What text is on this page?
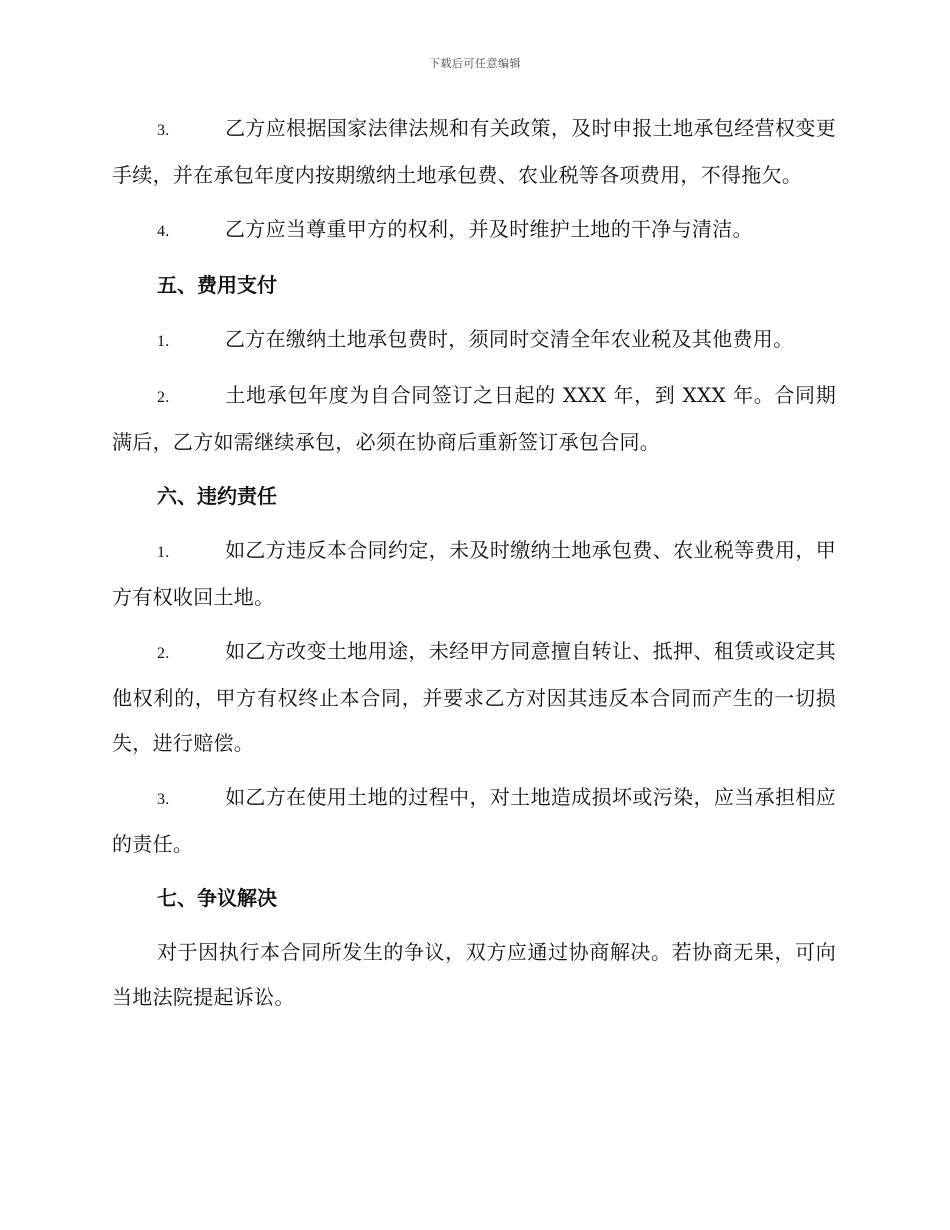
下载后可任意编辑

3.	乙方应根据国家法律法规和有关政策，及时申报土地承包经营权变更手续，并在承包年度内按期缴纳土地承包费、农业税等各项费用，不得拖欠。

4.	乙方应当尊重甲方的权利，并及时维护土地的干净与清洁。

五、费用支付

1.	乙方在缴纳土地承包费时，须同时交清全年农业税及其他费用。

2.	土地承包年度为自合同签订之日起的 XXX 年，到 XXX 年。合同期满后，乙方如需继续承包，必须在协商后重新签订承包合同。

六、违约责任

1.	如乙方违反本合同约定，未及时缴纳土地承包费、农业税等费用，甲方有权收回土地。

2.	如乙方改变土地用途，未经甲方同意擅自转让、抵押、租赁或设定其他权利的，甲方有权终止本合同，并要求乙方对因其违反本合同而产生的一切损失，进行赔偿。

3.	如乙方在使用土地的过程中，对土地造成损坏或污染，应当承担相应的责任。

七、争议解决

对于因执行本合同所发生的争议，双方应通过协商解决。若协商无果，可向当地法院提起诉讼。
